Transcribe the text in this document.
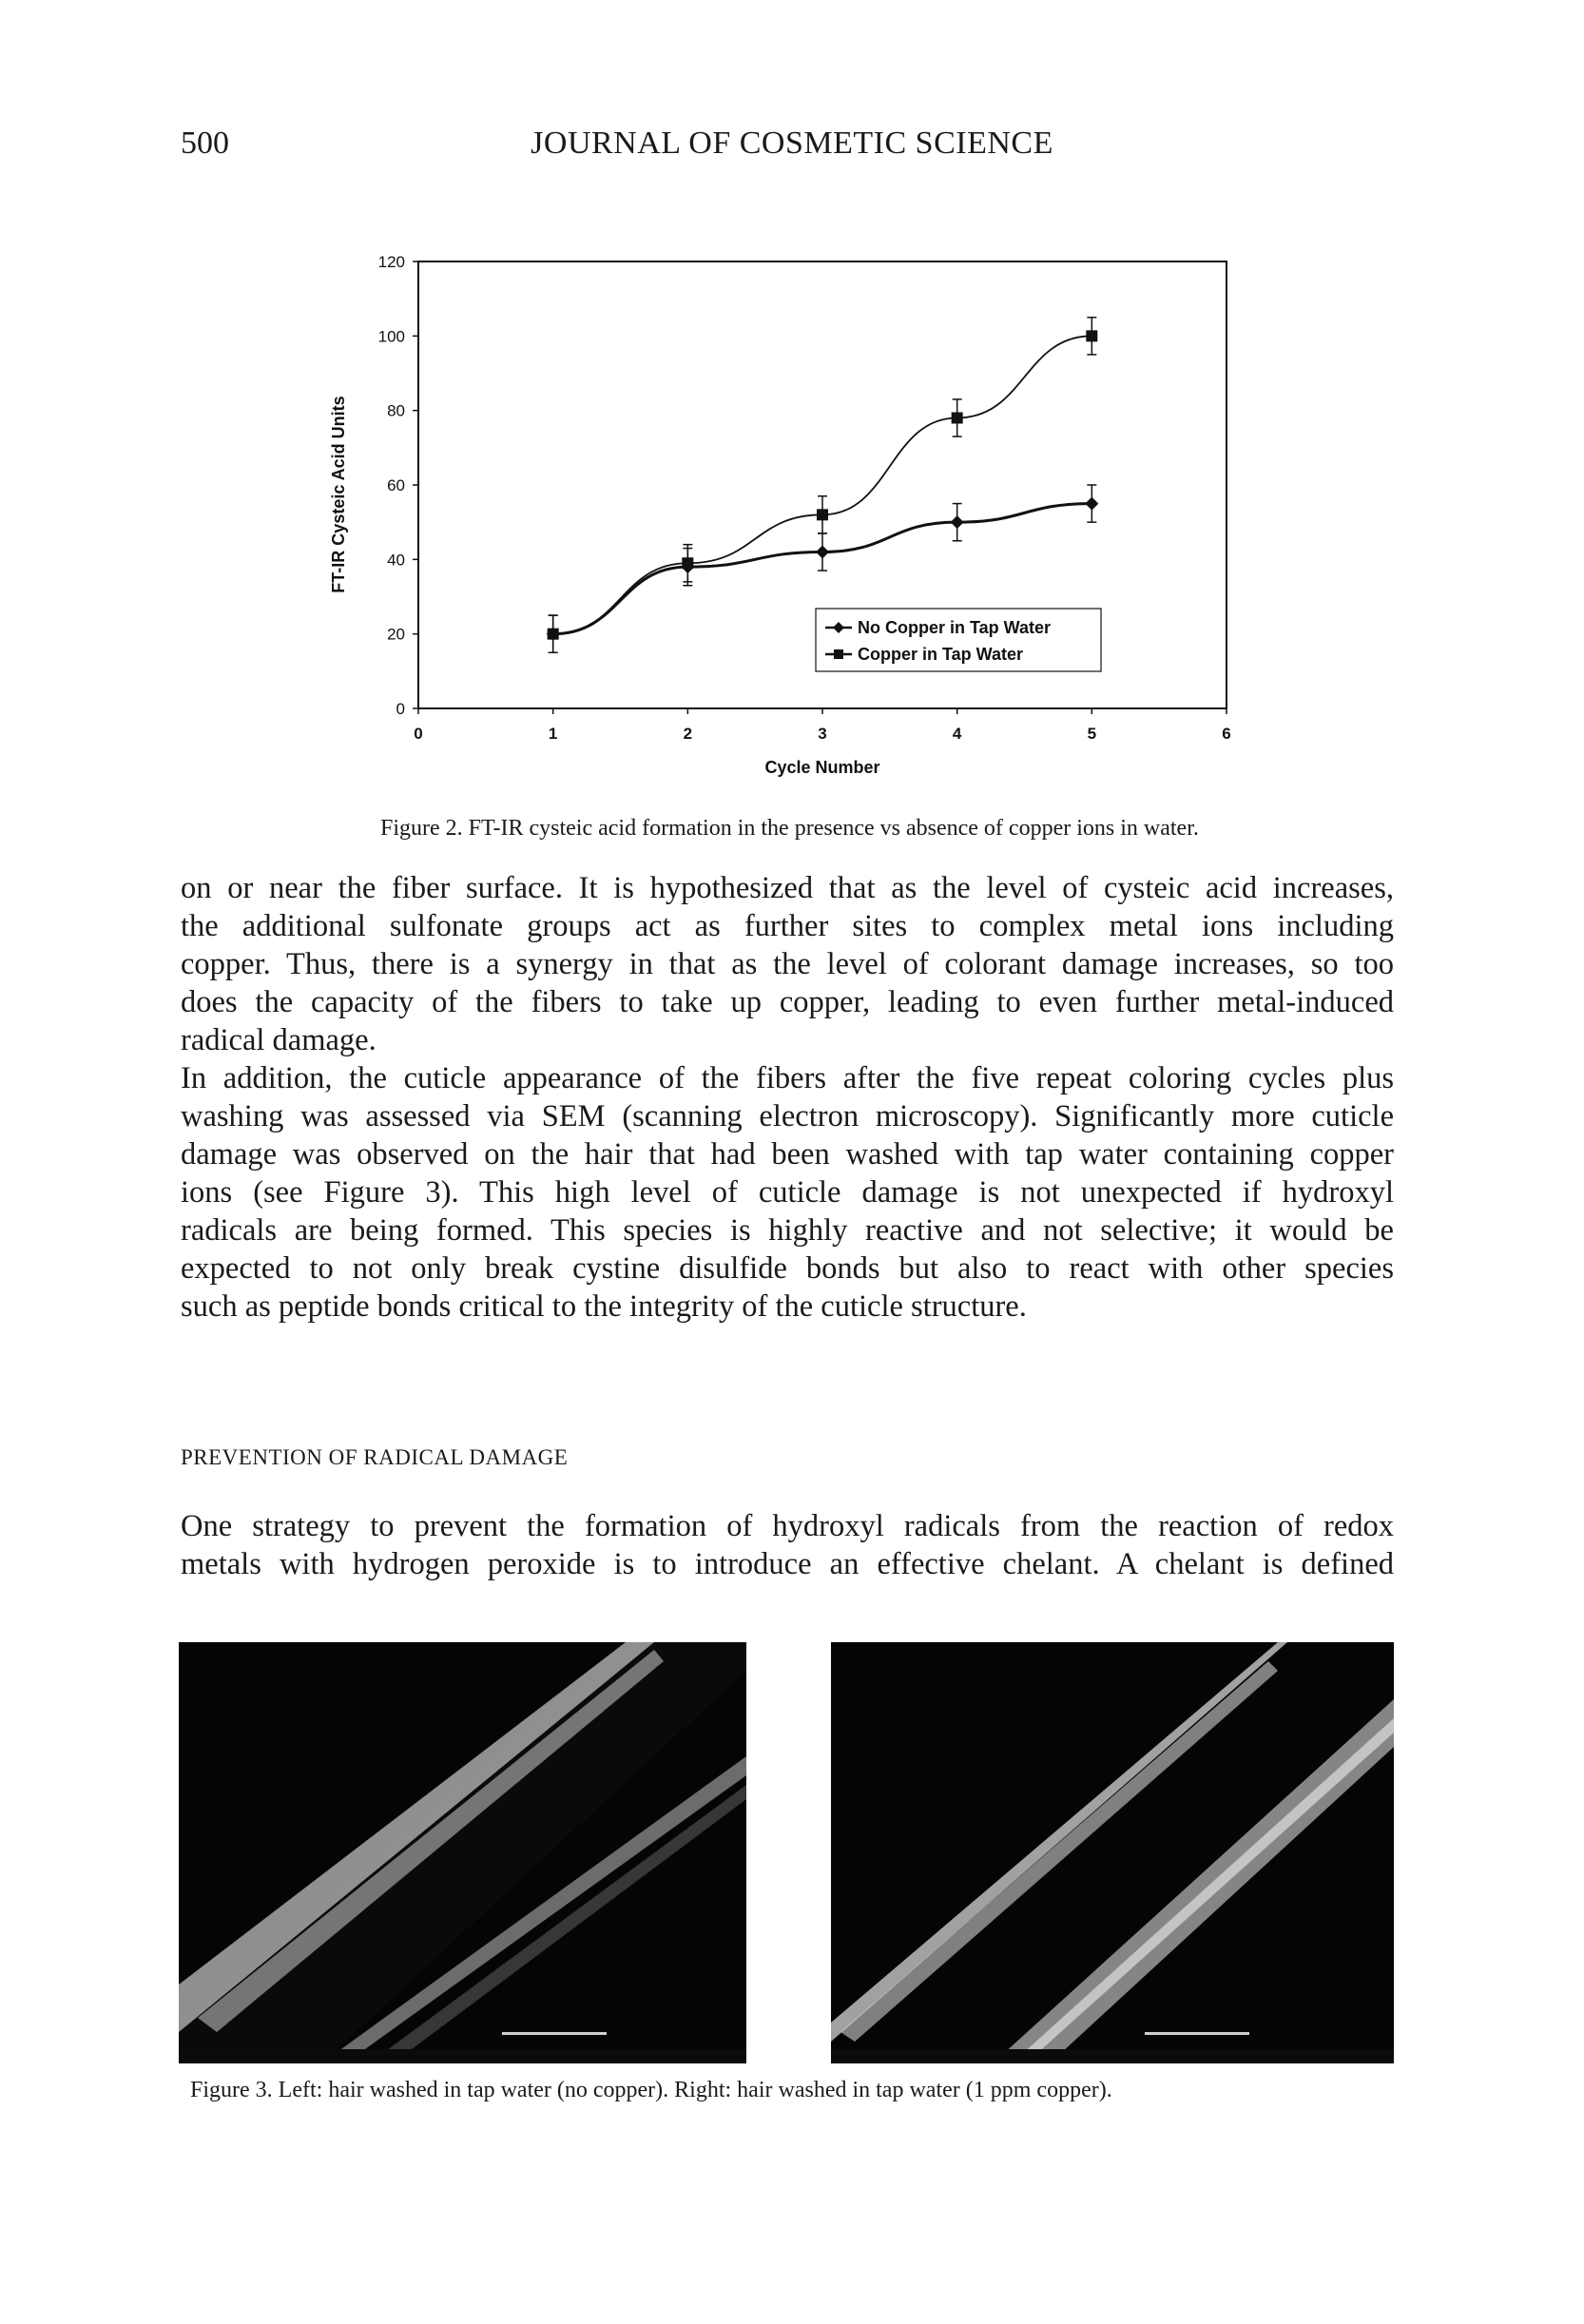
500	JOURNAL OF COSMETIC SCIENCE
0
20
40
60
80
100
120
0	1	2	3	4	5	6
Cycle Number
FT-IR Cysteic Acid Units
No Copper in Tap Water
Copper in Tap Water
Figure 2. FT-IR cysteic acid formation in the presence vs absence of copper ions in water.
on or near the fiber surface. It is hypothesized that as the level of cysteic acid increases,
the additional sulfonate groups act as further sites to complex metal ions including
copper. Thus, there is a synergy in that as the level of colorant damage increases, so too
does the capacity of the fibers to take up copper, leading to even further metal-induced
radical damage.
In addition, the cuticle appearance of the fibers after the five repeat coloring cycles plus
washing was assessed via SEM (scanning electron microscopy). Significantly more cuticle
damage was observed on the hair that had been washed with tap water containing copper
ions (see Figure 3). This high level of cuticle damage is not unexpected if hydroxyl
radicals are being formed. This species is highly reactive and not selective; it would be
expected to not only break cystine disulfide bonds but also to react with other species
such as peptide bonds critical to the integrity of the cuticle structure.
PREVENTION OF RADICAL DAMAGE
One strategy to prevent the formation of hydroxyl radicals from the reaction of redox
metals with hydrogen peroxide is to introduce an effective chelant. A chelant is defined
Figure 3. Left: hair washed in tap water (no copper). Right: hair washed in tap water (1 ppm copper).
